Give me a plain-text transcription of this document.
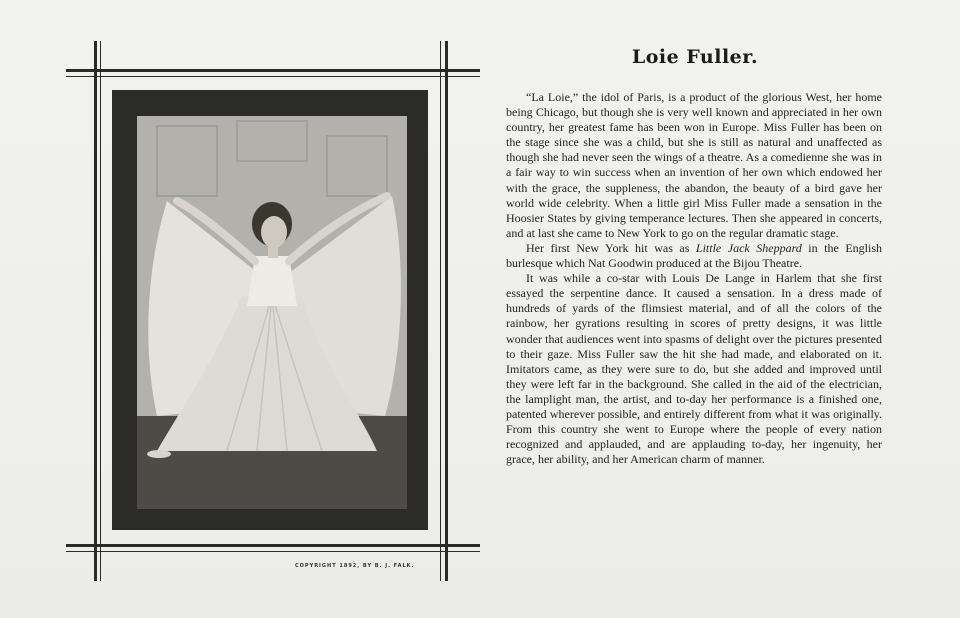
COPYRIGHT 1892, BY B. J. FALK.
Loie Fuller.

“La Loie,” the idol of Paris, is a product of the glorious West, her home being Chicago, but though she is very well known and appreciated in her own country, her greatest fame has been won in Europe. Miss Fuller has been on the stage since she was a child, but she is still as natural and unaffected as though she had never seen the wings of a theatre. As a comedienne she was in a fair way to win success when an invention of her own which endowed her with the grace, the suppleness, the abandon, the beauty of a bird gave her world wide celebrity. When a little girl Miss Fuller made a sensation in the Hoosier States by giving temperance lectures. Then she appeared in concerts, and at last she came to New York to go on the regular dramatic stage.

Her first New York hit was as Little Jack Sheppard in the English burlesque which Nat Goodwin produced at the Bijou Theatre.

It was while a co-star with Louis De Lange in Harlem that she first essayed the serpentine dance. It caused a sensation. In a dress made of hundreds of yards of the flimsiest material, and of all the colors of the rainbow, her gyrations resulting in scores of pretty designs, it was little wonder that audiences went into spasms of delight over the pictures presented to their gaze. Miss Fuller saw the hit she had made, and elaborated on it. Imitators came, as they were sure to do, but she added and improved until they were left far in the background. She called in the aid of the electrician, the lamplight man, the artist, and to-day her performance is a finished one, patented wherever possible, and entirely different from what it was originally. From this country she went to Europe where the people of every nation recognized and applauded, and are applauding to-day, her ingenuity, her grace, her ability, and her American charm of manner.
